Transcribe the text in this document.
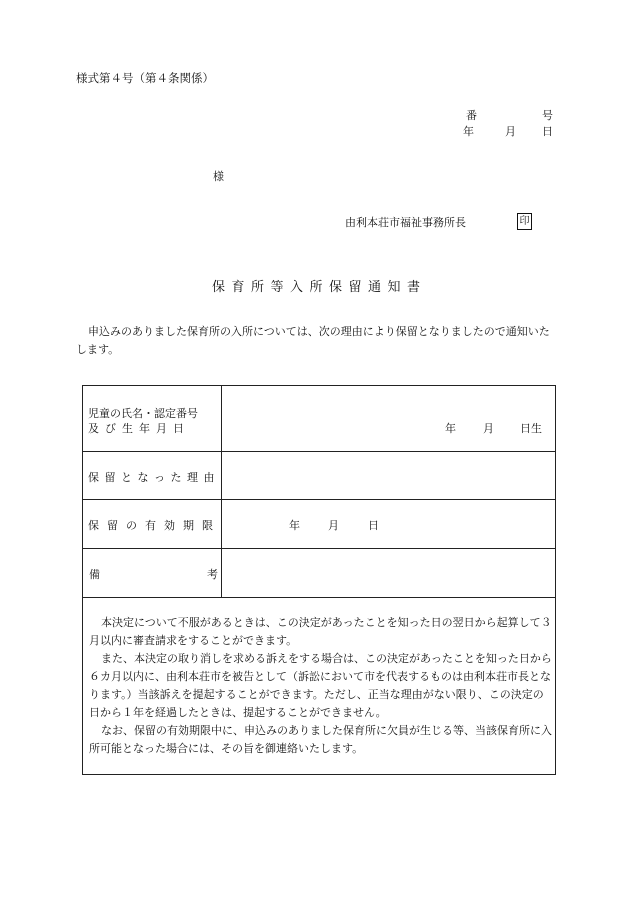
様式第４号（第４条関係）
番	号
年	月 日
様
由利本荘市福祉事務所長	印
保育所等入所保留通知書

申込みのありました保育所の入所については、次の理由により保留となりましたので通知いたします。

児童の氏名・認定番号
及び生年月日	年 月 日生
保留となった理由
保留の有効期限	年	月	日
備	考

本決定について不服があるときは、この決定があったことを知った日の翌日から起算して３月以内に審査請求をすることができます。

また、本決定の取り消しを求める訴えをする場合は、この決定があったことを知った日から６カ月以内に、由利本荘市を被告として（訴訟において市を代表するものは由利本荘市長となります。）当該訴えを提起することができます。ただし、正当な理由がない限り、この決定の日から１年を経過したときは、提起することができません。

なお、保留の有効期限中に、申込みのありました保育所に欠員が生じる等、当該保育所に入所可能となった場合には、その旨を御連絡いたします。
